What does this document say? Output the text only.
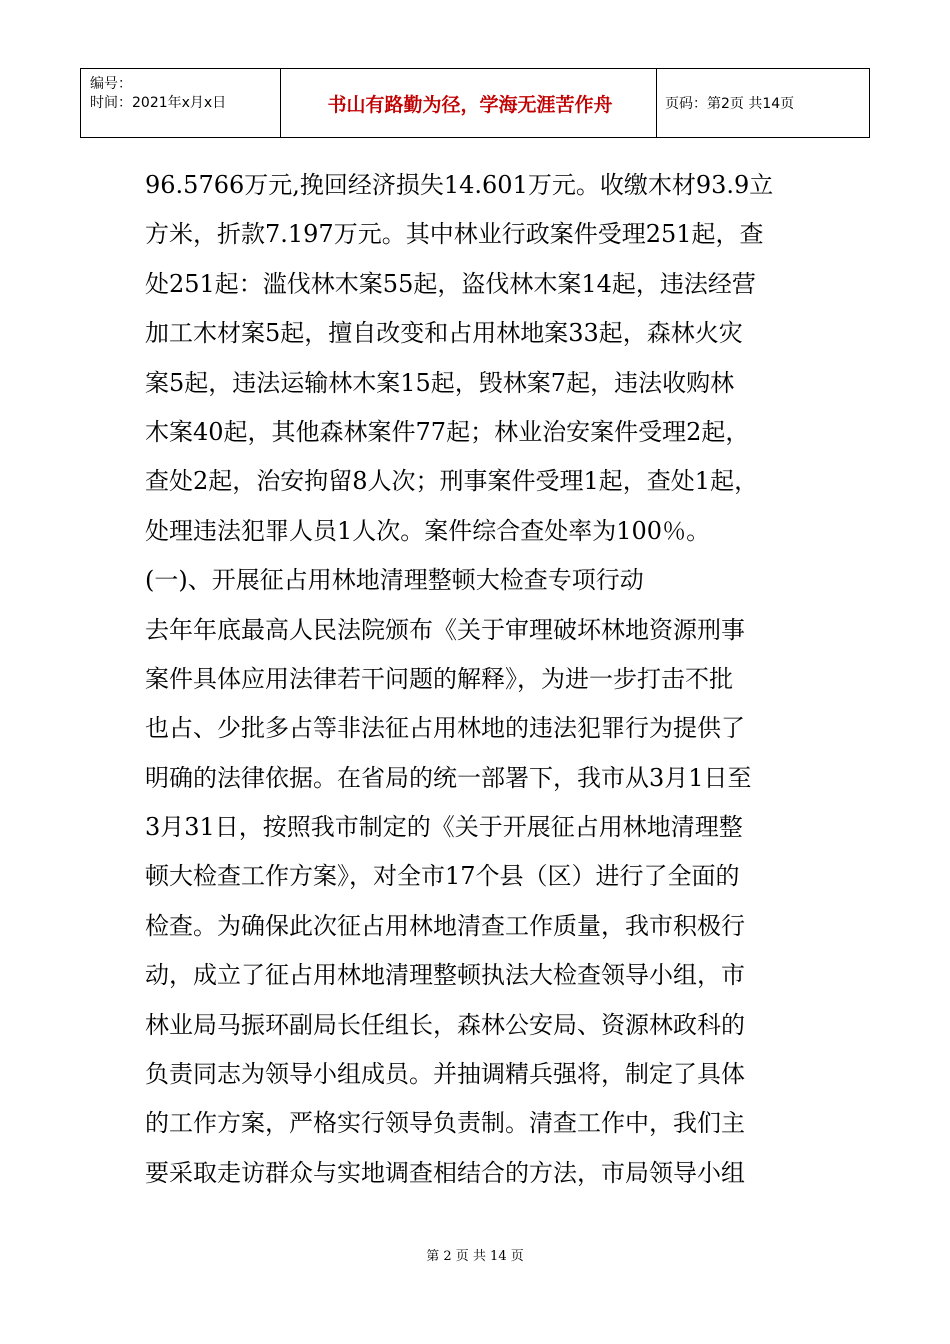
编号：
时间：2021年x月x日	书山有路勤为径，学海无涯苦作舟	页码：第2页 共14页
96.5766万元,挽回经济损失14.601万元。收缴木材93.9立
方米，折款7.197万元。其中林业行政案件受理251起，查
处251起：滥伐林木案55起，盗伐林木案14起，违法经营
加工木材案5起，擅自改变和占用林地案33起，森林火灾
案5起，违法运输林木案15起，毁林案7起，违法收购林
木案40起，其他森林案件77起；林业治安案件受理2起，
查处2起，治安拘留8人次；刑事案件受理1起，查处1起，
处理违法犯罪人员1人次。案件综合查处率为100％。
(一)、开展征占用林地清理整顿大检查专项行动
去年年底最高人民法院颁布《关于审理破坏林地资源刑事
案件具体应用法律若干问题的解释》，为进一步打击不批
也占、少批多占等非法征占用林地的违法犯罪行为提供了
明确的法律依据。在省局的统一部署下，我市从3月1日至
3月31日，按照我市制定的《关于开展征占用林地清理整
顿大检查工作方案》，对全市17个县（区）进行了全面的
检查。为确保此次征占用林地清查工作质量，我市积极行
动，成立了征占用林地清理整顿执法大检查领导小组，市
林业局马振环副局长任组长，森林公安局、资源林政科的
负责同志为领导小组成员。并抽调精兵强将，制定了具体
的工作方案，严格实行领导负责制。清查工作中，我们主
要采取走访群众与实地调查相结合的方法，市局领导小组
第 2 页 共 14 页
